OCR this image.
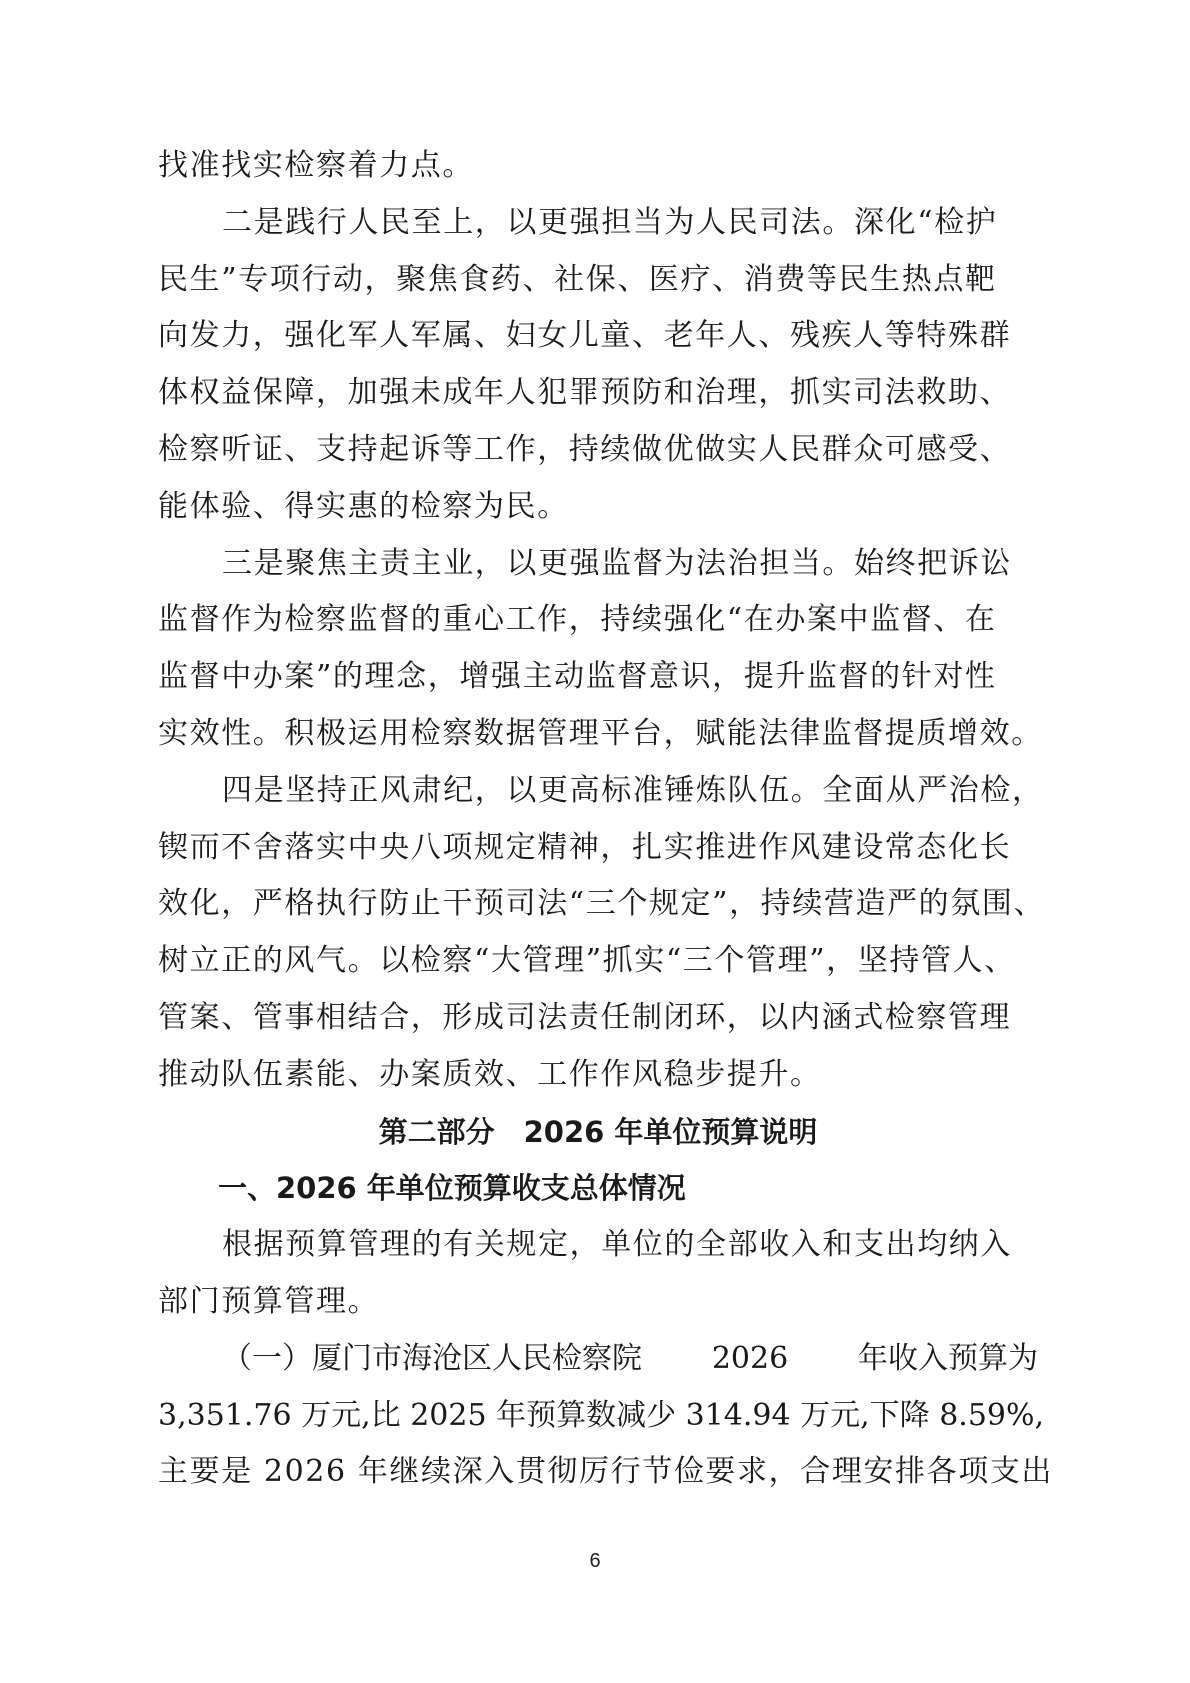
找准找实检察着力点。

二是践行人民至上，以更强担当为人民司法。深化“检护

民生”专项行动，聚焦食药、社保、医疗、消费等民生热点靶

向发力，强化军人军属、妇女儿童、老年人、残疾人等特殊群

体权益保障，加强未成年人犯罪预防和治理，抓实司法救助、

检察听证、支持起诉等工作，持续做优做实人民群众可感受、

能体验、得实惠的检察为民。

三是聚焦主责主业，以更强监督为法治担当。始终把诉讼

监督作为检察监督的重心工作，持续强化“在办案中监督、在

监督中办案”的理念，增强主动监督意识，提升监督的针对性

实效性。积极运用检察数据管理平台，赋能法律监督提质增效。

四是坚持正风肃纪，以更高标准锤炼队伍。全面从严治检，

锲而不舍落实中央八项规定精神，扎实推进作风建设常态化长

效化，严格执行防止干预司法“三个规定”，持续营造严的氛围、

树立正的风气。以检察“大管理”抓实“三个管理”，坚持管人、

管案、管事相结合，形成司法责任制闭环，以内涵式检察管理

推动队伍素能、办案质效、工作作风稳步提升。

第二部分　2026 年单位预算说明
一、2026 年单位预算收支总体情况

根据预算管理的有关规定，单位的全部收入和支出均纳入

部门预算管理。

（一）厦门市海沧区人民检察院 2026 年收入预算为

3,351.76 万元, 比 2025 年预算数减少 314.94 万元, 下降 8.59%,

主要是 2026 年继续深入贯彻厉行节俭要求，合理安排各项支出

6
